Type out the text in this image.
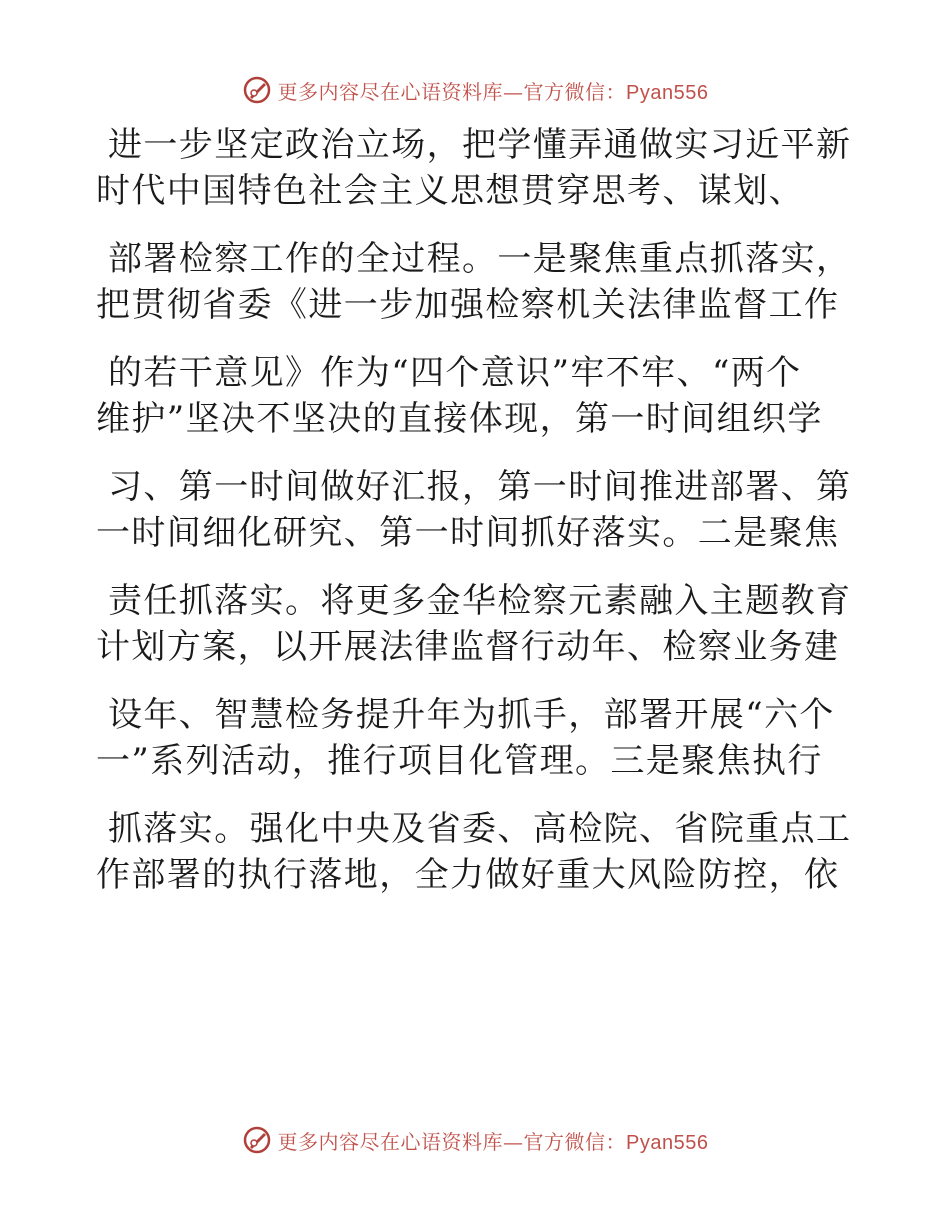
更多内容尽在心语资料库—官方微信：Pyan556
进一步坚定政治立场，把学懂弄通做实习近平新
时代中国特色社会主义思想贯穿思考、谋划、
部署检察工作的全过程。一是聚焦重点抓落实，
把贯彻省委《进一步加强检察机关法律监督工作
的若干意见》作为“四个意识”牢不牢、“两个
维护”坚决不坚决的直接体现，第一时间组织学
习、第一时间做好汇报，第一时间推进部署、第
一时间细化研究、第一时间抓好落实。二是聚焦
责任抓落实。将更多金华检察元素融入主题教育
计划方案，以开展法律监督行动年、检察业务建
设年、智慧检务提升年为抓手，部署开展“六个
一”系列活动，推行项目化管理。三是聚焦执行
抓落实。强化中央及省委、高检院、省院重点工
作部署的执行落地，全力做好重大风险防控，依
更多内容尽在心语资料库—官方微信：Pyan556
